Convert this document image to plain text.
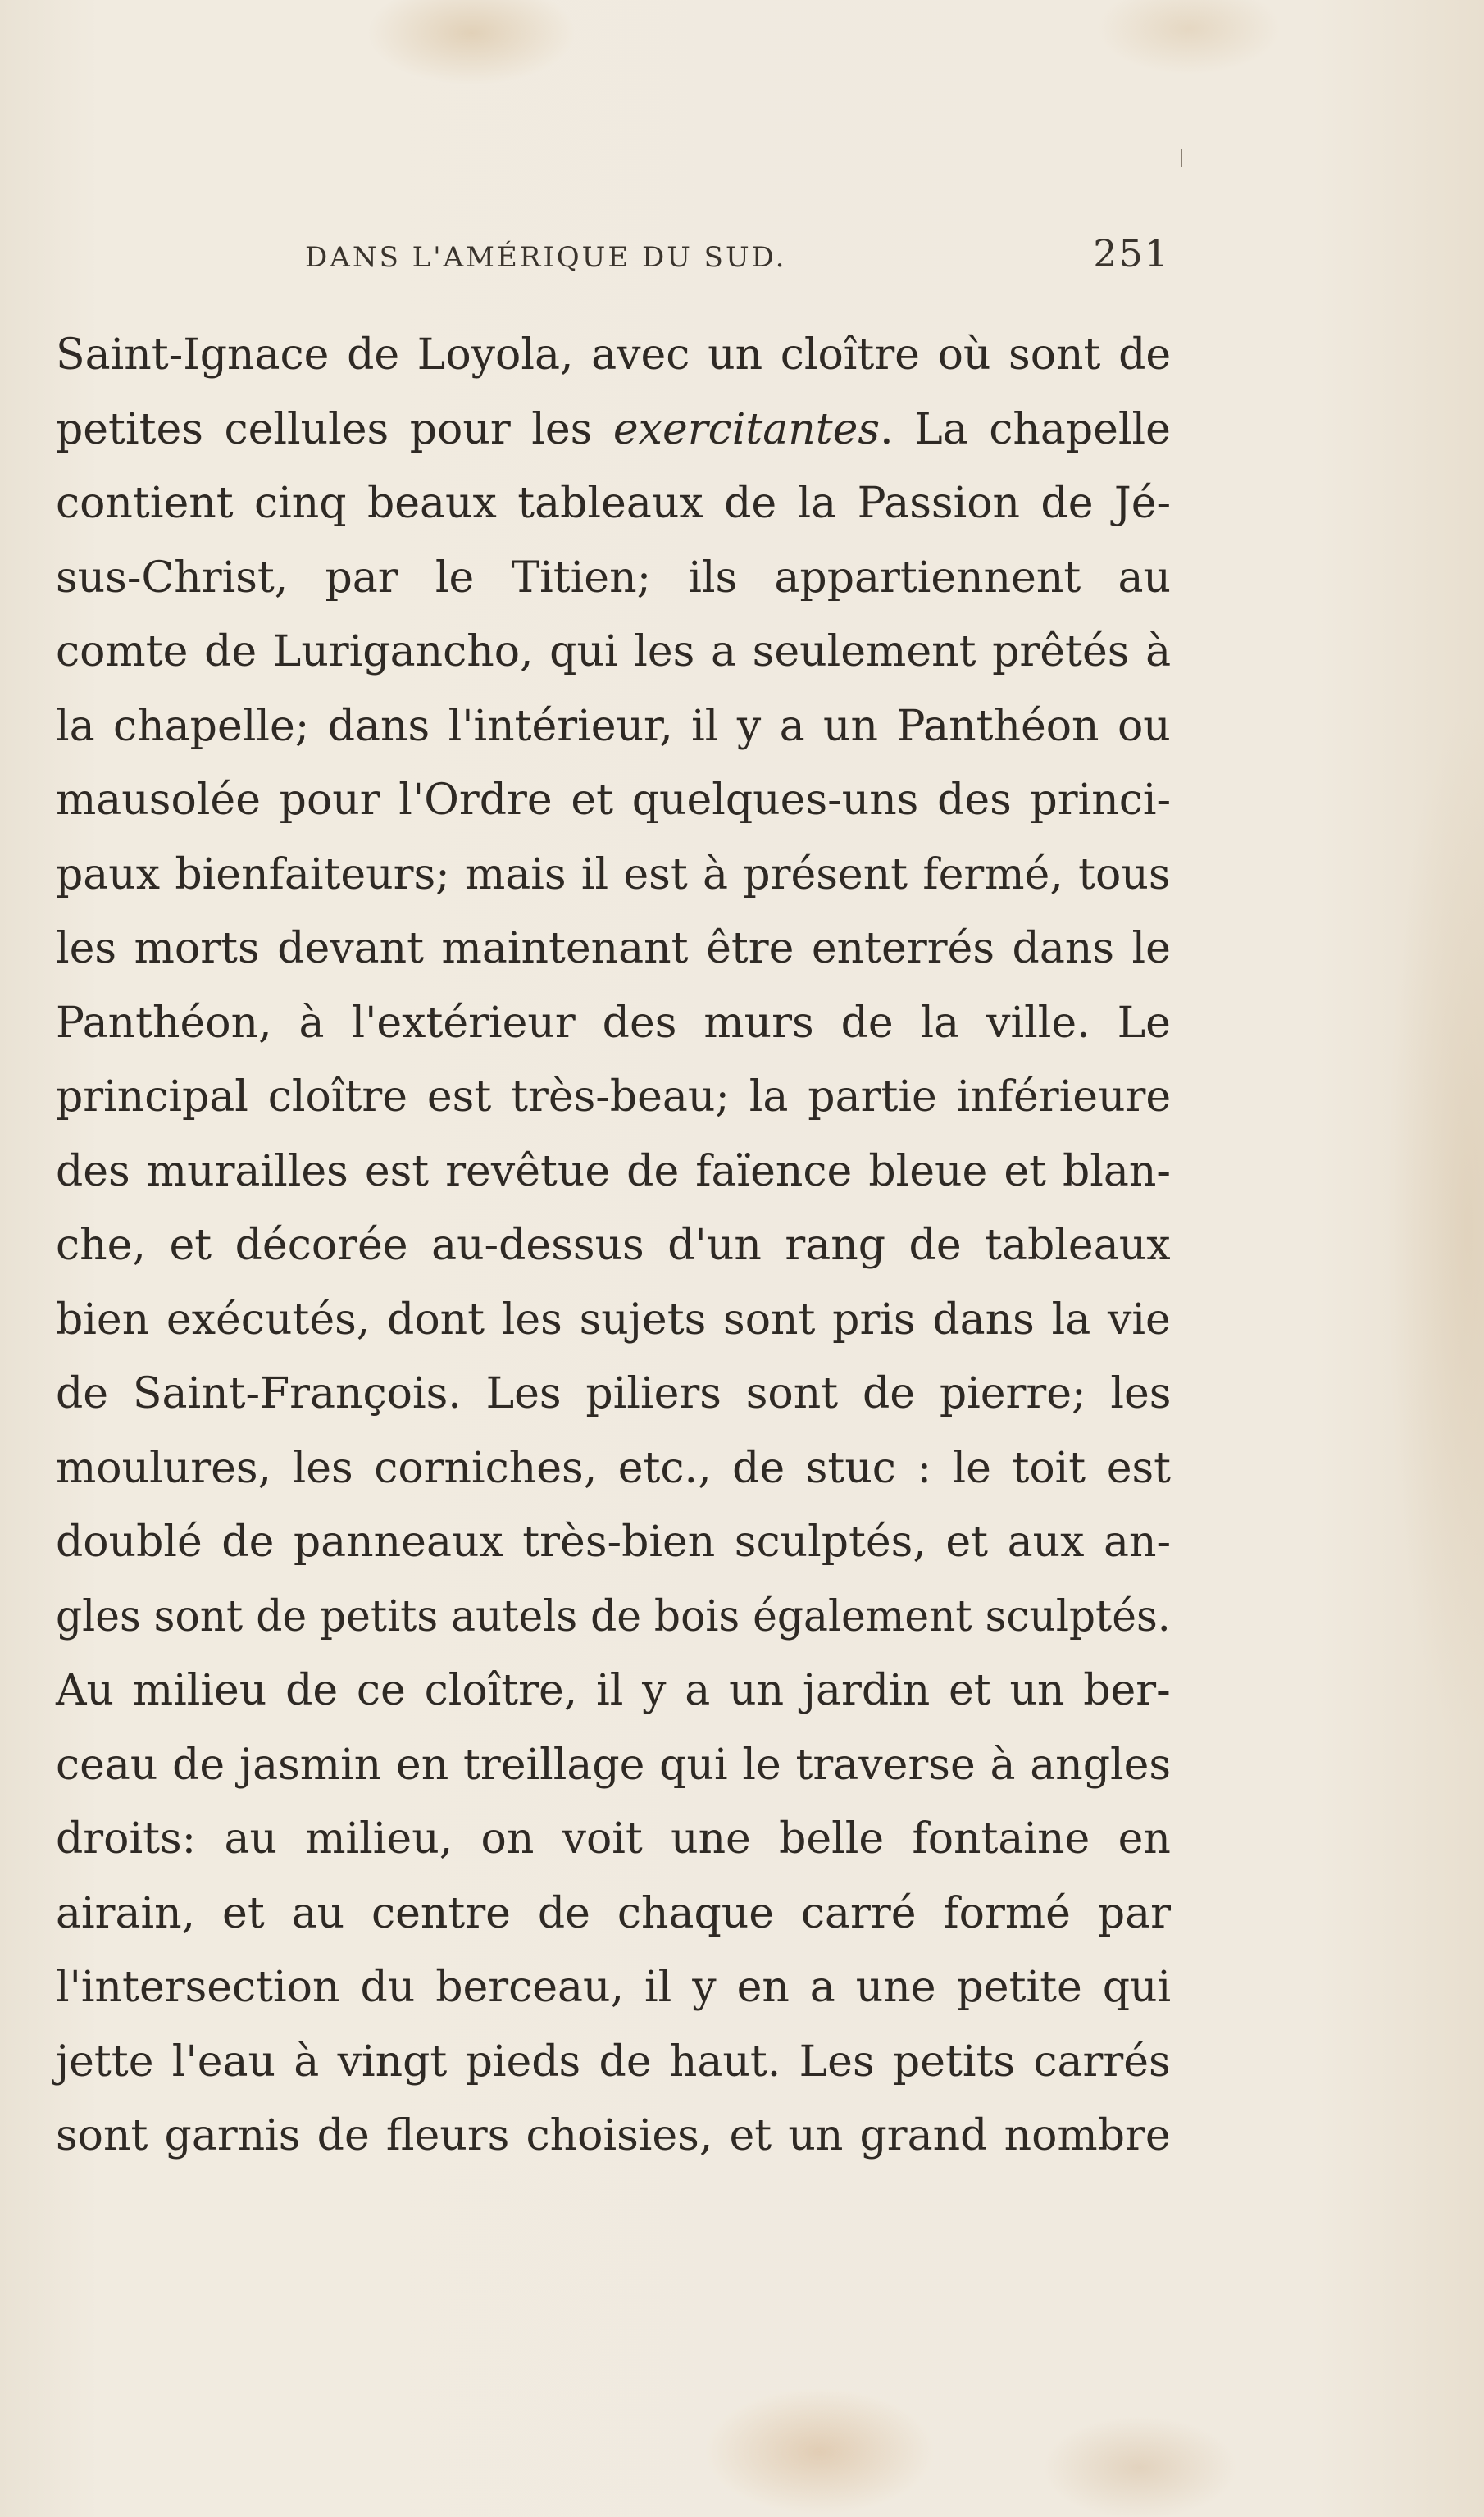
DANS L'AMÉRIQUE DU SUD.	251
Saint-Ignace de Loyola, avec un cloître où sont de
petites cellules pour les exercitantes. La chapelle
contient cinq beaux tableaux de la Passion de Jé-
sus-Christ, par le Titien; ils appartiennent au
comte de Lurigancho, qui les a seulement prêtés à
la chapelle; dans l'intérieur, il y a un Panthéon ou
mausolée pour l'Ordre et quelques-uns des princi-
paux bienfaiteurs; mais il est à présent fermé, tous
les morts devant maintenant être enterrés dans le
Panthéon, à l'extérieur des murs de la ville. Le
principal cloître est très-beau; la partie inférieure
des murailles est revêtue de faïence bleue et blan-
che, et décorée au-dessus d'un rang de tableaux
bien exécutés, dont les sujets sont pris dans la vie
de Saint-François. Les piliers sont de pierre; les
moulures, les corniches, etc., de stuc : le toit est
doublé de panneaux très-bien sculptés, et aux an-
gles sont de petits autels de bois également sculptés.
Au milieu de ce cloître, il y a un jardin et un ber-
ceau de jasmin en treillage qui le traverse à angles
droits: au milieu, on voit une belle fontaine en
airain, et au centre de chaque carré formé par
l'intersection du berceau, il y en a une petite qui
jette l'eau à vingt pieds de haut. Les petits carrés
sont garnis de fleurs choisies, et un grand nombre
